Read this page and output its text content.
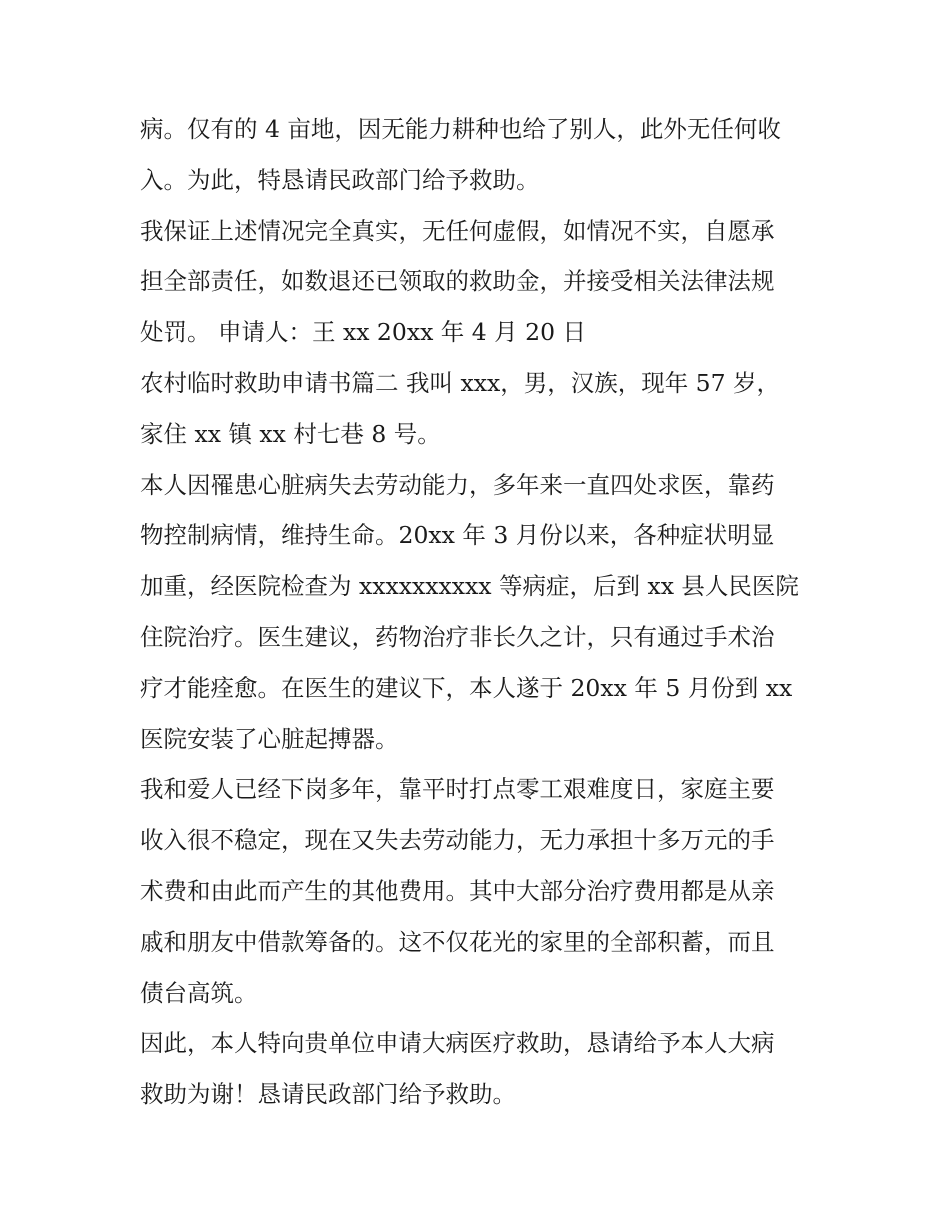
病。仅有的 4 亩地，因无能力耕种也给了别人，此外无任何收
入。为此，特恳请民政部门给予救助。
我保证上述情况完全真实，无任何虚假，如情况不实，自愿承
担全部责任，如数退还已领取的救助金，并接受相关法律法规
处罚。 申请人：王 xx 20xx 年 4 月 20 日
农村临时救助申请书篇二 我叫 xxx，男，汉族，现年 57 岁，
家住 xx 镇 xx 村七巷 8 号。
本人因罹患心脏病失去劳动能力，多年来一直四处求医，靠药
物控制病情，维持生命。20xx 年 3 月份以来，各种症状明显
加重，经医院检查为 xxxxxxxxxx 等病症，后到 xx 县人民医院
住院治疗。医生建议，药物治疗非长久之计，只有通过手术治
疗才能痊愈。在医生的建议下，本人遂于 20xx 年 5 月份到 xx
医院安装了心脏起搏器。
我和爱人已经下岗多年，靠平时打点零工艰难度日，家庭主要
收入很不稳定，现在又失去劳动能力，无力承担十多万元的手
术费和由此而产生的其他费用。其中大部分治疗费用都是从亲
戚和朋友中借款筹备的。这不仅花光的家里的全部积蓄，而且
债台高筑。
因此，本人特向贵单位申请大病医疗救助，恳请给予本人大病
救助为谢！恳请民政部门给予救助。
